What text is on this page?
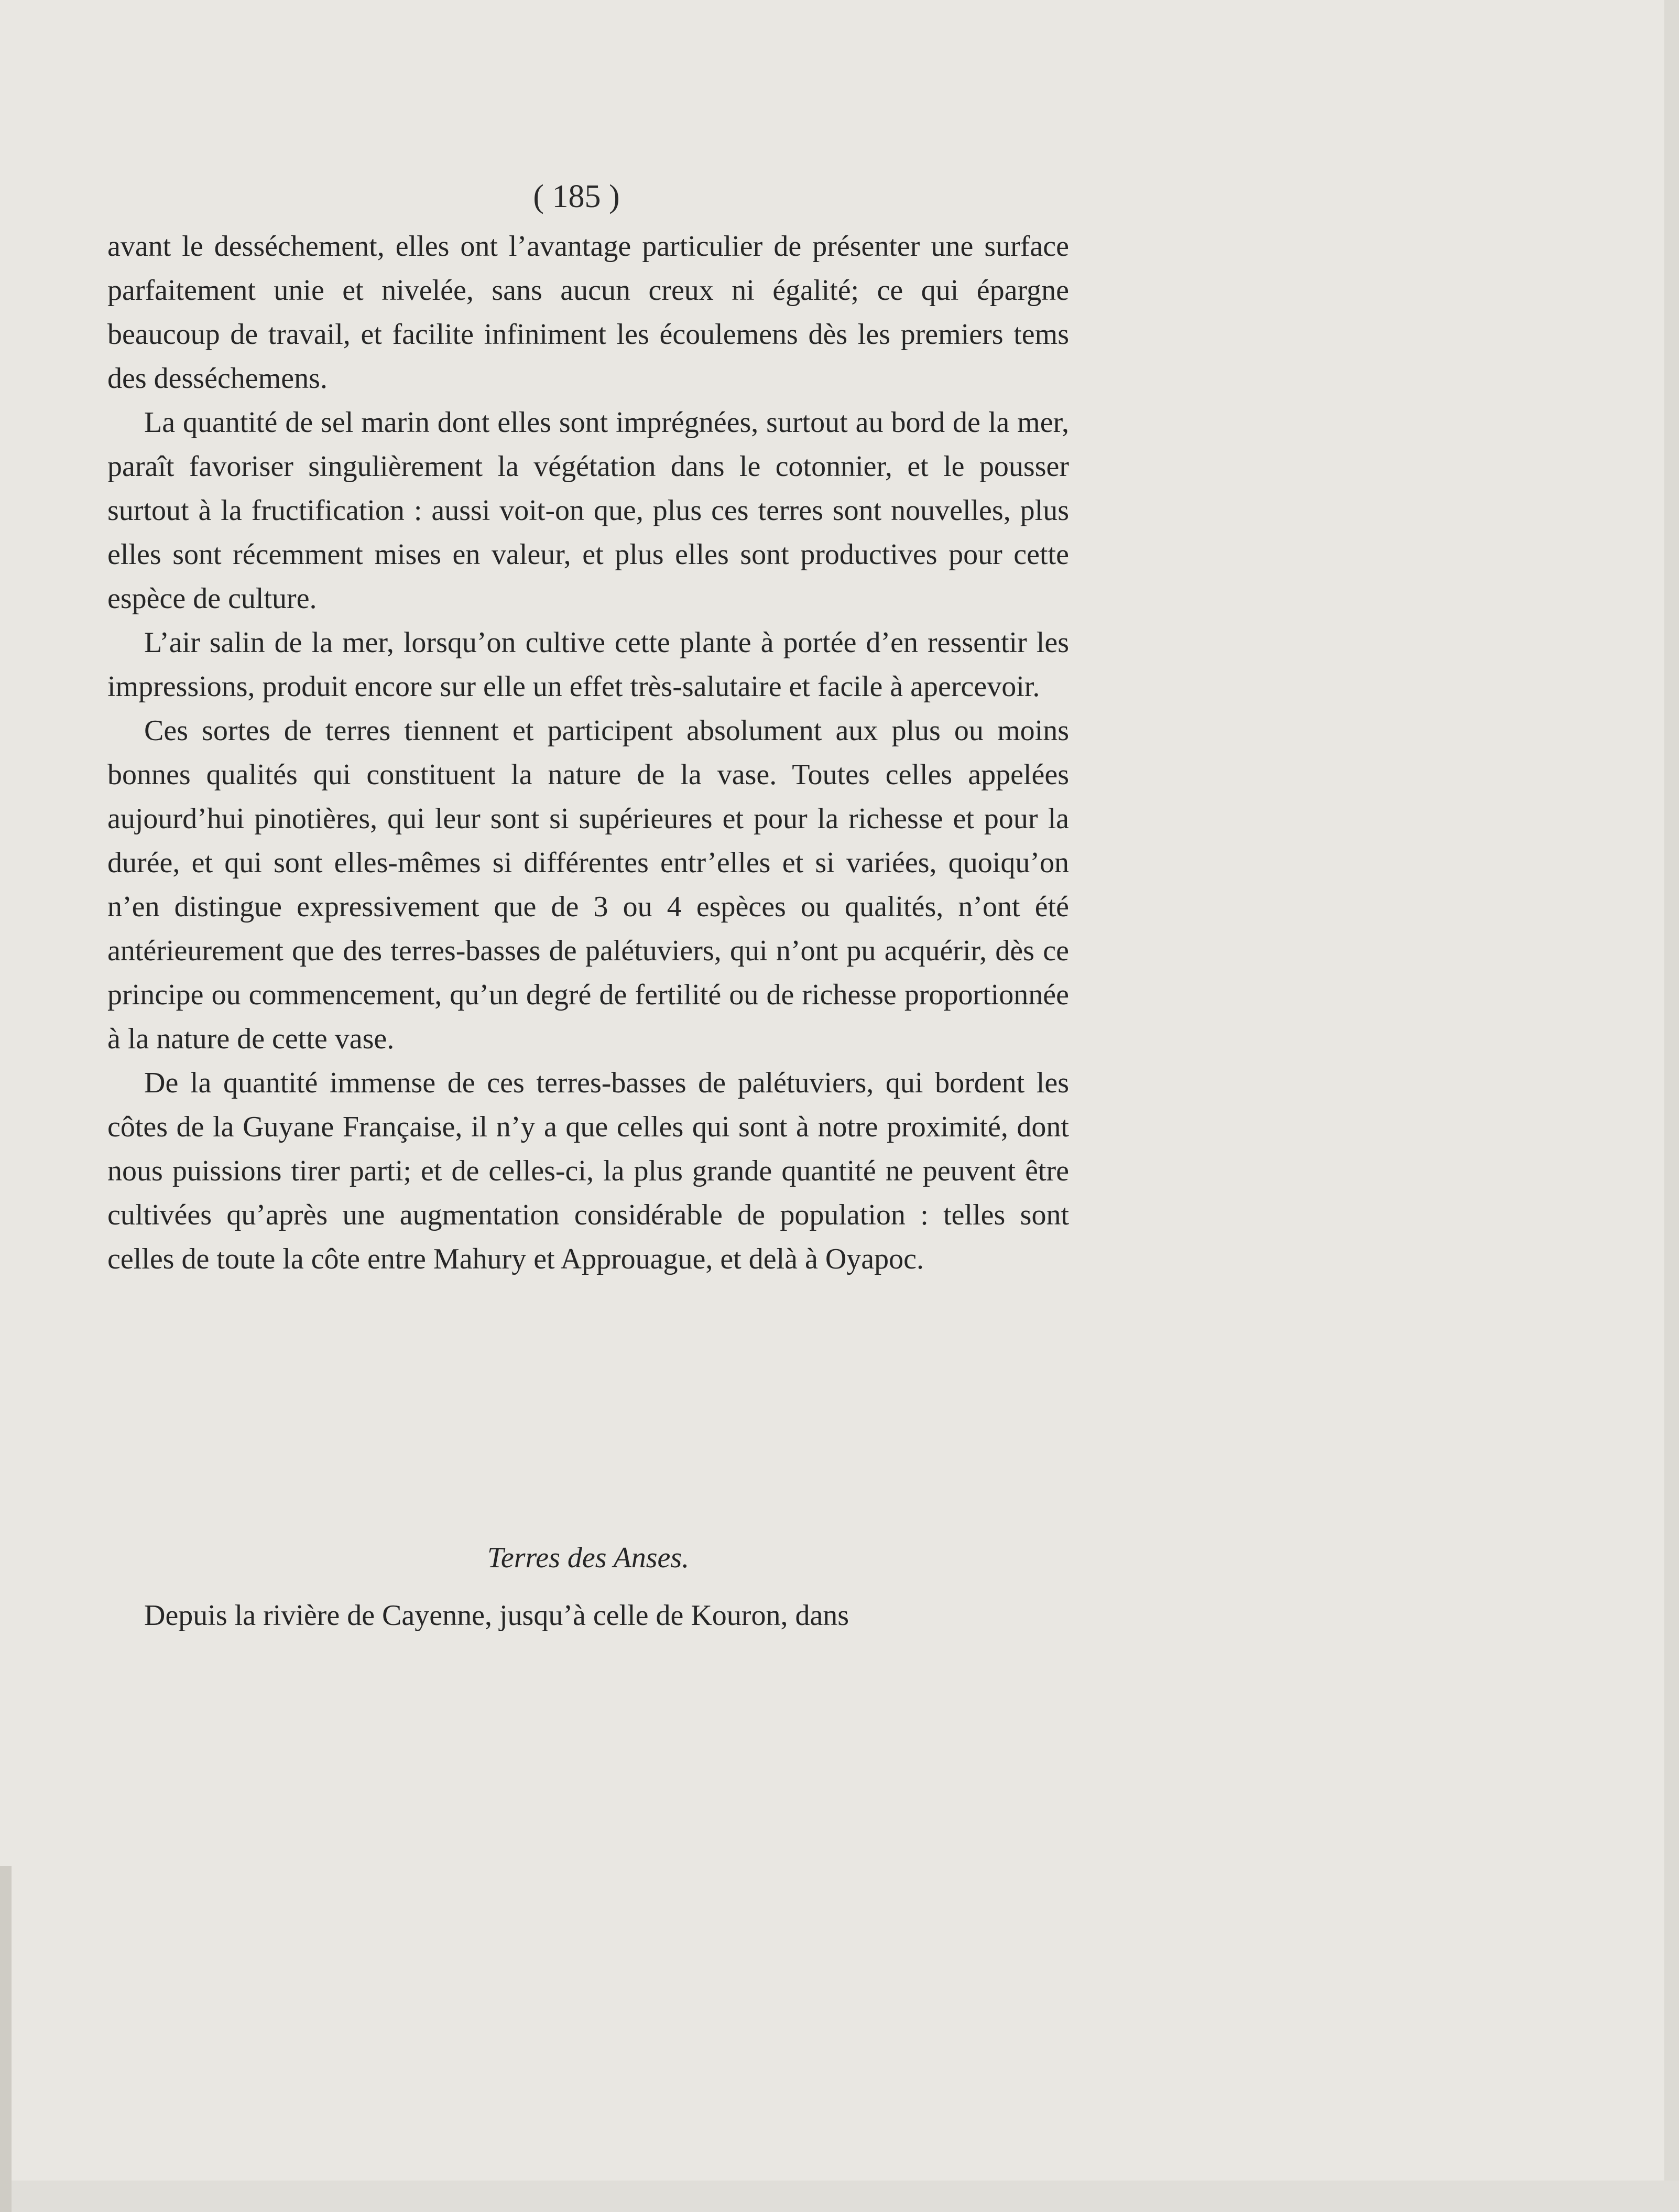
( 185 )

avant le desséchement, elles ont l’avantage particulier de présenter une surface parfaitement unie et nivelée, sans aucun creux ni égalité; ce qui épargne beaucoup de travail, et facilite infiniment les écoulemens dès les premiers tems des desséchemens.

La quantité de sel marin dont elles sont imprégnées, surtout au bord de la mer, paraît favoriser singulièrement la végétation dans le cotonnier, et le pousser surtout à la fructification : aussi voit-on que, plus ces terres sont nouvelles, plus elles sont récemment mises en valeur, et plus elles sont productives pour cette espèce de culture.

L’air salin de la mer, lorsqu’on cultive cette plante à portée d’en ressentir les impressions, produit encore sur elle un effet très-salutaire et facile à apercevoir.

Ces sortes de terres tiennent et participent absolument aux plus ou moins bonnes qualités qui constituent la nature de la vase. Toutes celles appelées aujourd’hui pinotières, qui leur sont si supérieures et pour la richesse et pour la durée, et qui sont elles-mêmes si différentes entr’elles et si variées, quoiqu’on n’en distingue expressivement que de 3 ou 4 espèces ou qualités, n’ont été antérieurement que des terres-basses de palétuviers, qui n’ont pu acquérir, dès ce principe ou commencement, qu’un degré de fertilité ou de richesse proportionnée à la nature de cette vase.

De la quantité immense de ces terres-basses de palétuviers, qui bordent les côtes de la Guyane Française, il n’y a que celles qui sont à notre proximité, dont nous puissions tirer parti; et de celles-ci, la plus grande quantité ne peuvent être cultivées qu’après une augmentation considérable de population : telles sont celles de toute la côte entre Mahury et Approuague, et delà à Oyapoc.

Terres des Anses.

Depuis la rivière de Cayenne, jusqu’à celle de Kouron, dans
